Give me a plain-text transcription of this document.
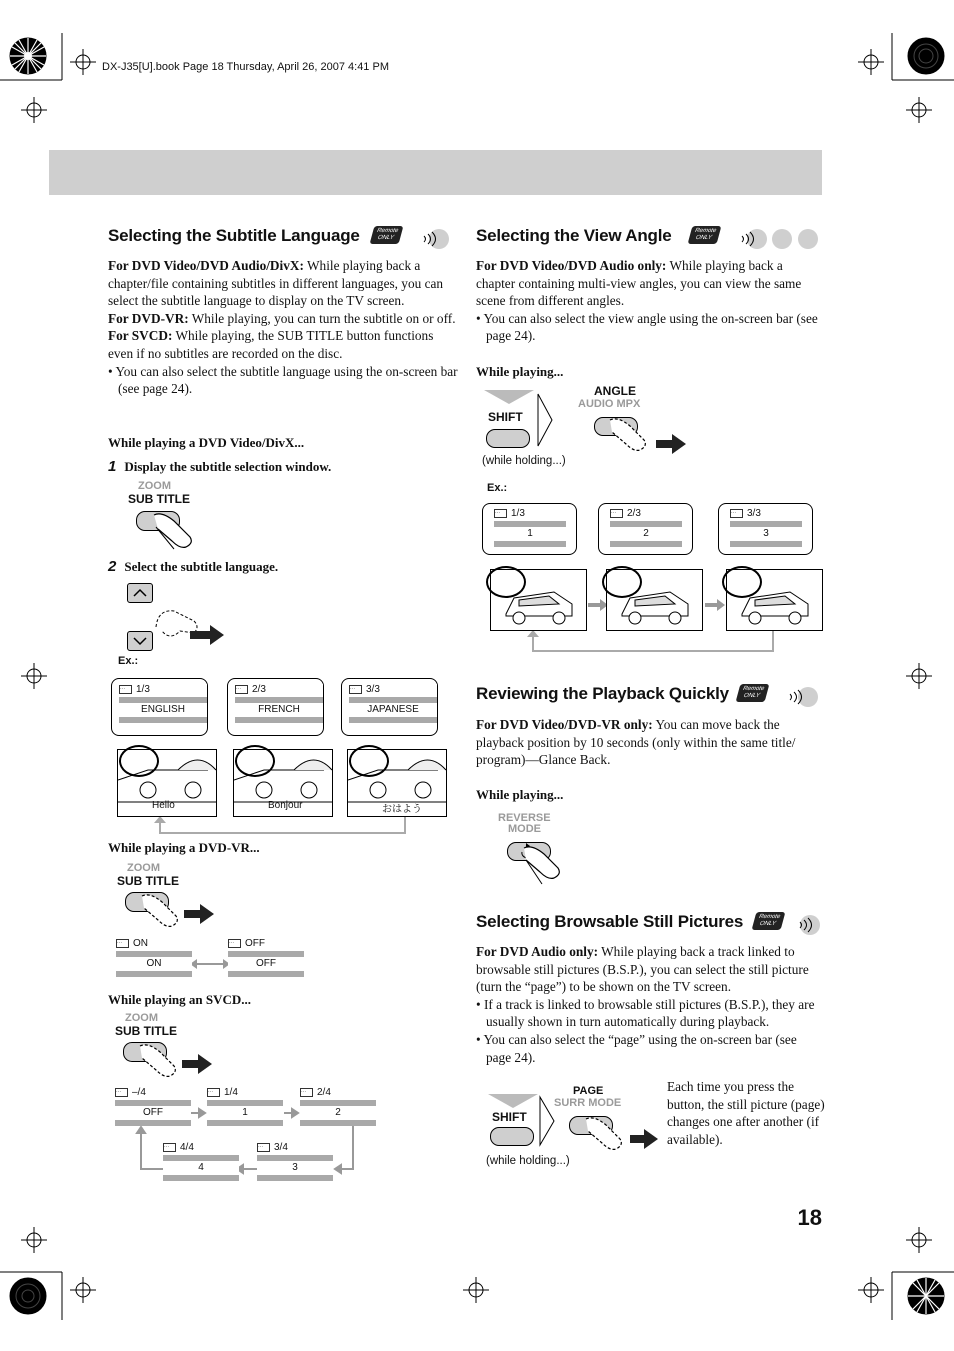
DX-J35[U].book Page 18 Thursday, April 26, 2007 4:41 PM
Selecting the Subtitle Language	Remote
ONLY
For DVD Video/DVD Audio/DivX: While playing back a chapter/file containing subtitles in different languages, you can select the subtitle language to display on the TV screen.
For DVD-VR: While playing, you can turn the subtitle on or off.
For SVCD: While playing, the SUB TITLE button functions even if no subtitles are recorded on the disc.
• You can also select the subtitle language using the on-screen bar (see page 24).
While playing a DVD Video/DivX...
1 Display the subtitle selection window.
ZOOM
SUB TITLE
2 Select the subtitle language.
Ex.:
While playing a DVD-VR...
ZOOM
SUB TITLE
While playing an SVCD...
ZOOM
SUB TITLE
Selecting the View Angle	Remote
ONLY
For DVD Video/DVD Audio only: While playing back a chapter containing multi-view angles, you can view the same scene from different angles.
• You can also select the view angle using the on-screen bar (see page 24).
While playing...
SHIFT
ANGLE
AUDIO MPX
(while holding...)
Ex.:
Reviewing the Playback Quickly	Remote
ONLY
For DVD Video/DVD-VR only: You can move back the playback position by 10 seconds (only within the same title/ program)—Glance Back.
While playing...
REVERSE
MODE
Selecting Browsable Still Pictures	Remote
ONLY
For DVD Audio only: While playing back a track linked to browsable still pictures (B.S.P.), you can select the still picture (turn the “page”) to be shown on the TV screen.
• If a track is linked to browsable still pictures (B.S.P.), they are usually shown in turn automatically during playback.
• You can also select the “page” using the on-screen bar (see page 24).
SHIFT
PAGE
SURR MODE
(while holding...)
Each time you press the button, the still picture (page) changes one after another (if available).
18
··· 1/3
ENGLISH
Hello
··· 2/3
FRENCH
Bonjour
··· 3/3
JAPANESE
おはよう
··· ON
ON
··· OFF
OFF
··· –/4
OFF
··· 1/4
1
··· 2/4
2
··· 4/4
4
··· 3/4
3
··· 1/3
1
··· 2/3
2
··· 3/3
3
